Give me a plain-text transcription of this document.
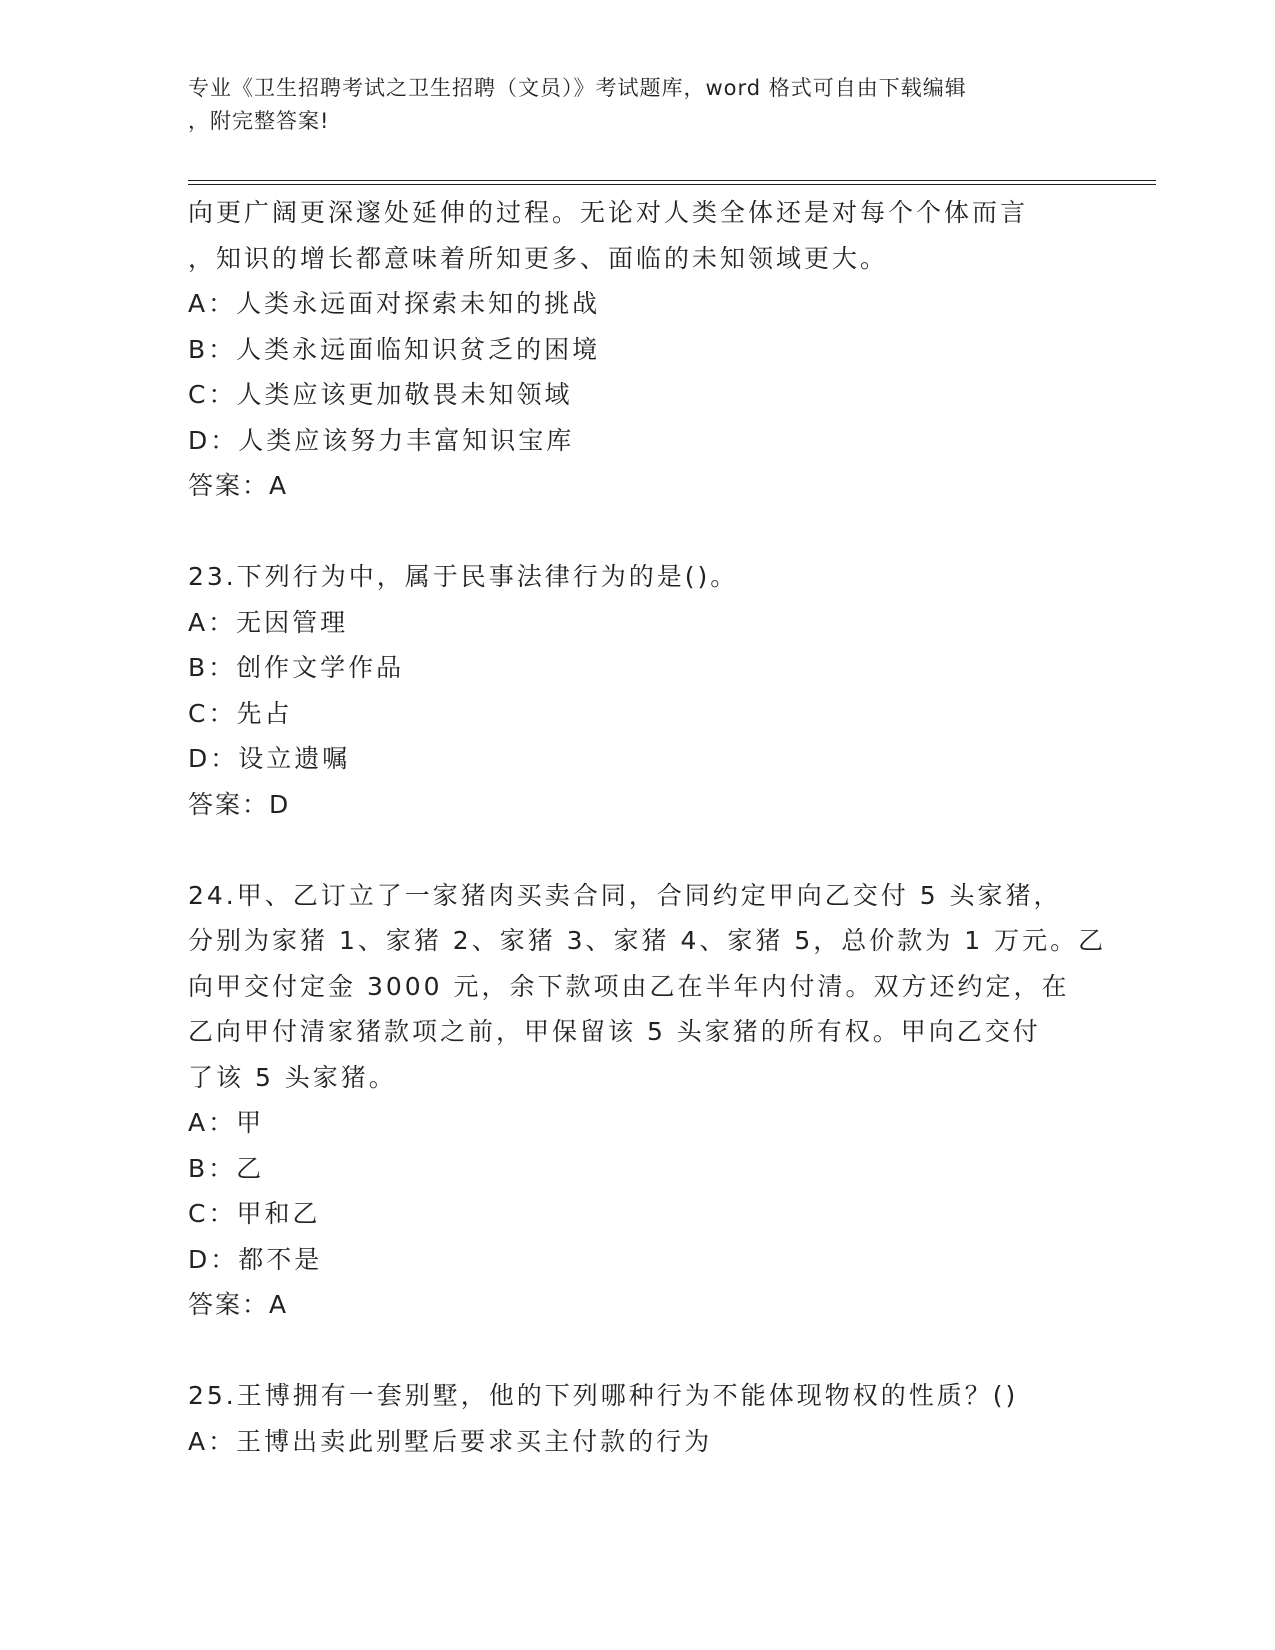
专业《卫生招聘考试之卫生招聘（文员）》考试题库，word 格式可自由下载编辑
，附完整答案!
向更广阔更深邃处延伸的过程。无论对人类全体还是对每个个体而言
，知识的增长都意味着所知更多、面临的未知领域更大。
A：人类永远面对探索未知的挑战
B：人类永远面临知识贫乏的困境
C：人类应该更加敬畏未知领域
D：人类应该努力丰富知识宝库
答案：A
23.下列行为中，属于民事法律行为的是()。
A：无因管理
B：创作文学作品
C：先占
D：设立遗嘱
答案：D
24.甲、乙订立了一家猪肉买卖合同，合同约定甲向乙交付 5 头家猪，
分别为家猪 1、家猪 2、家猪 3、家猪 4、家猪 5，总价款为 1 万元。乙
向甲交付定金 3000 元，余下款项由乙在半年内付清。双方还约定，在
乙向甲付清家猪款项之前，甲保留该 5 头家猪的所有权。甲向乙交付
了该 5 头家猪。
A：甲
B：乙
C：甲和乙
D：都不是
答案：A
25.王博拥有一套别墅，他的下列哪种行为不能体现物权的性质？()
A：王博出卖此别墅后要求买主付款的行为
